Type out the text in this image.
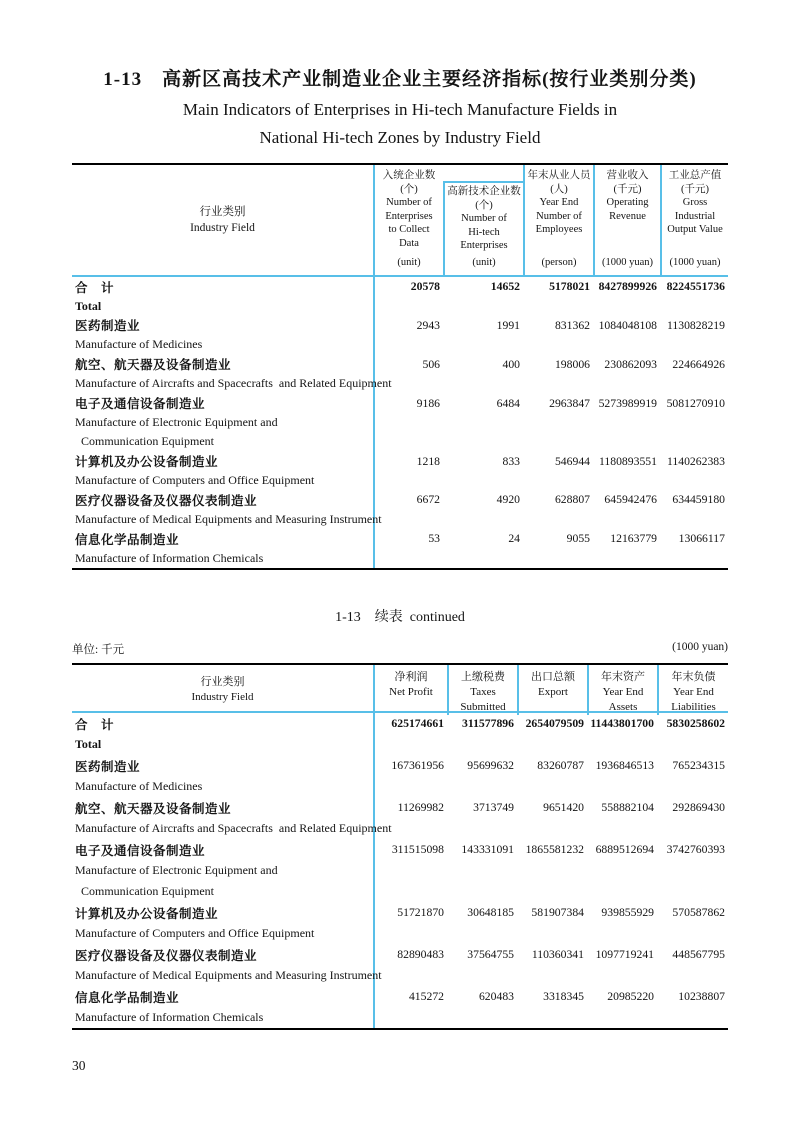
1-13　高新区高技术产业制造业企业主要经济指标(按行业类别分类)
Main Indicators of Enterprises in Hi-tech Manufacture Fields in
National Hi-tech Zones by Industry Field
行业类别
Industry Field
入统企业数
(个)
Number of
Enterprises
to Collect
Data
(unit)
高新技术企业数
(个)
Number of
Hi-tech
Enterprises
(unit)
年末从业人员
(人)
Year End
Number of
Employees
(person)
营业收入
(千元)
Operating
Revenue
(1000 yuan)
工业总产值
(千元)
Gross
Industrial
Output Value
(1000 yuan)
合　计	20578	14652	5178021 8427899926 8224551736
Total
医药制造业	2943	1991	831362 1084048108 1130828219
Manufacture of Medicines
航空、航天器及设备制造业	506	400	198006	230862093	224664926
Manufacture of Aircrafts and Spacecrafts  and Related Equipment
电子及通信设备制造业	9186	6484	2963847 5273989919 5081270910
Manufacture of Electronic Equipment and
Communication Equipment
计算机及办公设备制造业	1218	833	546944 1180893551 1140262383
Manufacture of Computers and Office Equipment
医疗仪器设备及仪器仪表制造业	6672	4920	628807	645942476	634459180
Manufacture of Medical Equipments and Measuring Instrument
信息化学品制造业	53	24	9055	12163779	13066117
Manufacture of Information Chemicals
1-13　续表  continued
单位: 千元	(1000 yuan)
行业类别
Industry Field
净利润
Net Profit
上缴税费
Taxes
Submitted
出口总额
Export
年末资产
Year End
Assets
年末负债
Year End
Liabilities
合　计	625174661	311577896 2654079509 11443801700	5830258602
Total
医药制造业	167361956	95699632	83260787 1936846513	765234315
Manufacture of Medicines
航空、航天器及设备制造业	11269982	3713749	9651420	558882104	292869430
Manufacture of Aircrafts and Spacecrafts  and Related Equipment
电子及通信设备制造业	311515098	143331091 1865581232 6889512694	3742760393
Manufacture of Electronic Equipment and
Communication Equipment
计算机及办公设备制造业	51721870	30648185	581907384	939855929	570587862
Manufacture of Computers and Office Equipment
医疗仪器设备及仪器仪表制造业	82890483	37564755	110360341 1097719241	448567795
Manufacture of Medical Equipments and Measuring Instrument
信息化学品制造业	415272	620483	3318345	20985220	10238807
Manufacture of Information Chemicals
30
